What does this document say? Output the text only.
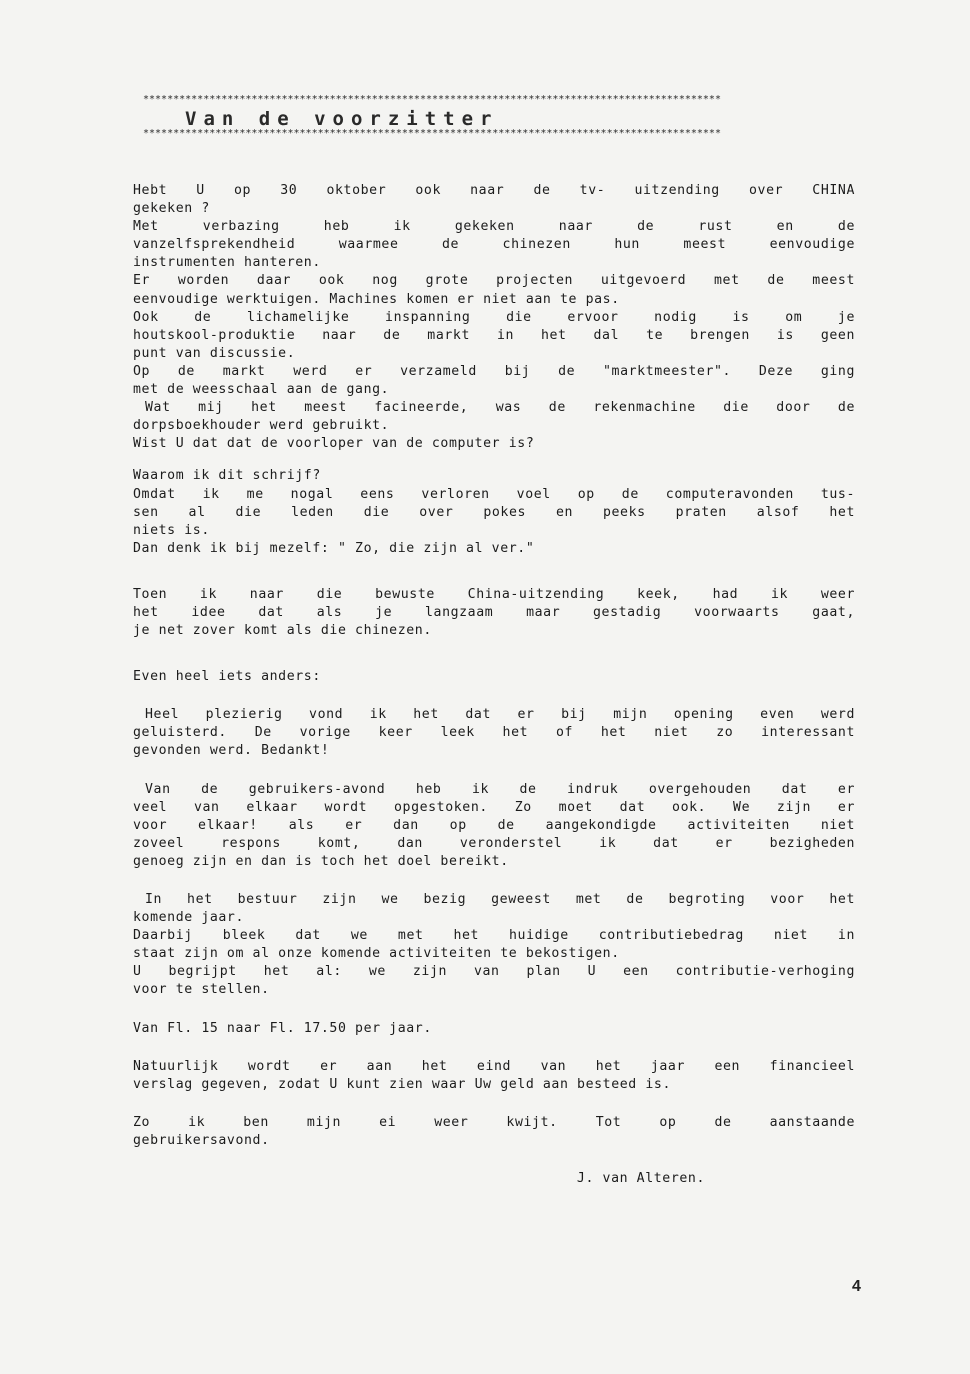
************************************************************************************************
Van de voorzitter
************************************************************************************************
Hebt U op 30 oktober ook naar de tv- uitzending over CHINA
gekeken ?
Met verbazing heb ik gekeken naar de rust en de
vanzelfsprekendheid waarmee de chinezen hun meest eenvoudige
instrumenten hanteren.
Er worden daar ook nog grote projecten uitgevoerd met de meest
eenvoudige werktuigen. Machines komen er niet aan te pas.
Ook de lichamelijke inspanning die ervoor nodig is om je
houtskool-produktie naar de markt in het dal te brengen is geen
punt van discussie.
Op de markt werd er verzameld bij de "marktmeester". Deze ging
met de weesschaal aan de gang.
Wat mij het meest facineerde, was de rekenmachine die door de
dorpsboekhouder werd gebruikt.
Wist U dat dat de voorloper van de computer is?
Waarom ik dit schrijf?
Omdat ik me nogal eens verloren voel op de computeravonden tus-
sen al die leden die over pokes en peeks praten alsof het
niets is.
Dan denk ik bij mezelf: " Zo, die zijn al ver."
Toen ik naar die bewuste China-uitzending keek, had ik weer
het idee dat als je langzaam maar gestadig voorwaarts gaat,
je net zover komt als die chinezen.
Even heel iets anders:
Heel plezierig vond ik het dat er bij mijn opening even werd
geluisterd. De vorige keer leek het of het niet zo interessant
gevonden werd. Bedankt!
Van de gebruikers-avond heb ik de indruk overgehouden dat er
veel van elkaar wordt opgestoken. Zo moet dat ook. We zijn er
voor elkaar! als er dan op de aangekondigde activiteiten niet
zoveel respons komt, dan veronderstel ik dat er bezigheden
genoeg zijn en dan is toch het doel bereikt.
In het bestuur zijn we bezig geweest met de begroting voor het
komende jaar.
Daarbij bleek dat we met het huidige contributiebedrag niet in
staat zijn om al onze komende activiteiten te bekostigen.
U begrijpt het al: we zijn van plan U een contributie-verhoging
voor te stellen.
Van Fl. 15 naar Fl. 17.50 per jaar.
Natuurlijk wordt er aan het eind van het jaar een financieel
verslag gegeven, zodat U kunt zien waar Uw geld aan besteed is.
Zo ik ben mijn ei weer kwijt. Tot op de aanstaande
gebruikersavond.
J. van Alteren.
4
